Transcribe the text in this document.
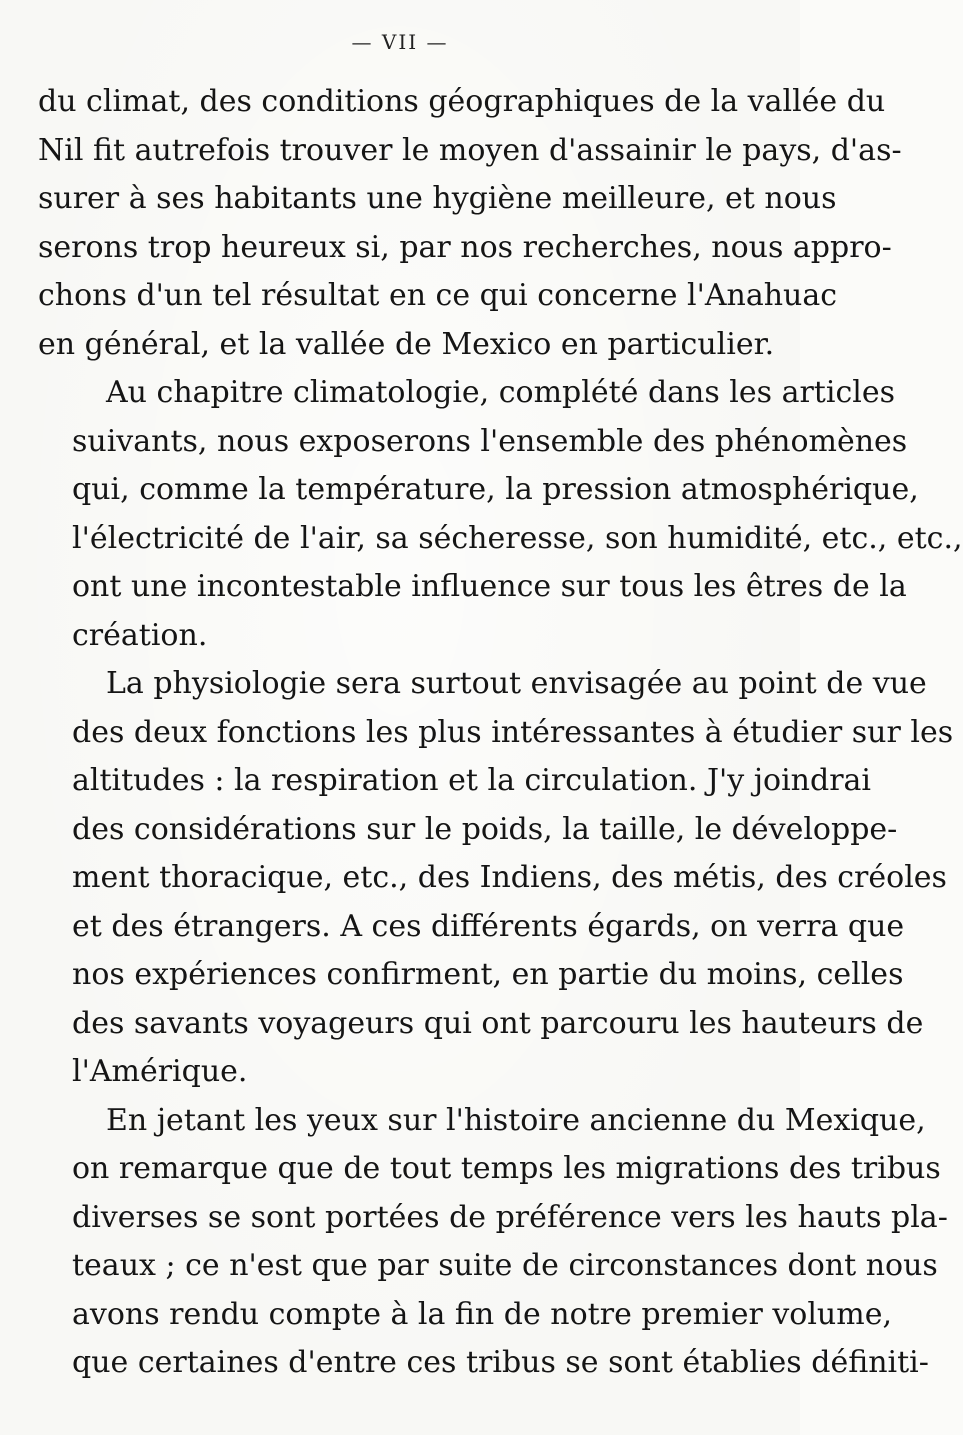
— VII —
du climat, des conditions géographiques de la vallée du
Nil fit autrefois trouver le moyen d'assainir le pays, d'as-
surer à ses habitants une hygiène meilleure, et nous
serons trop heureux si, par nos recherches, nous appro-
chons d'un tel résultat en ce qui concerne l'Anahuac
en général, et la vallée de Mexico en particulier.
Au chapitre climatologie, complété dans les articles
suivants, nous exposerons l'ensemble des phénomènes
qui, comme la température, la pression atmosphérique,
l'électricité de l'air, sa sécheresse, son humidité, etc., etc.,
ont une incontestable influence sur tous les êtres de la
création.
La physiologie sera surtout envisagée au point de vue
des deux fonctions les plus intéressantes à étudier sur les
altitudes : la respiration et la circulation. J'y joindrai
des considérations sur le poids, la taille, le développe-
ment thoracique, etc., des Indiens, des métis, des créoles
et des étrangers. A ces différents égards, on verra que
nos expériences confirment, en partie du moins, celles
des savants voyageurs qui ont parcouru les hauteurs de
l'Amérique.
En jetant les yeux sur l'histoire ancienne du Mexique,
on remarque que de tout temps les migrations des tribus
diverses se sont portées de préférence vers les hauts pla-
teaux ; ce n'est que par suite de circonstances dont nous
avons rendu compte à la fin de notre premier volume,
que certaines d'entre ces tribus se sont établies définiti-
